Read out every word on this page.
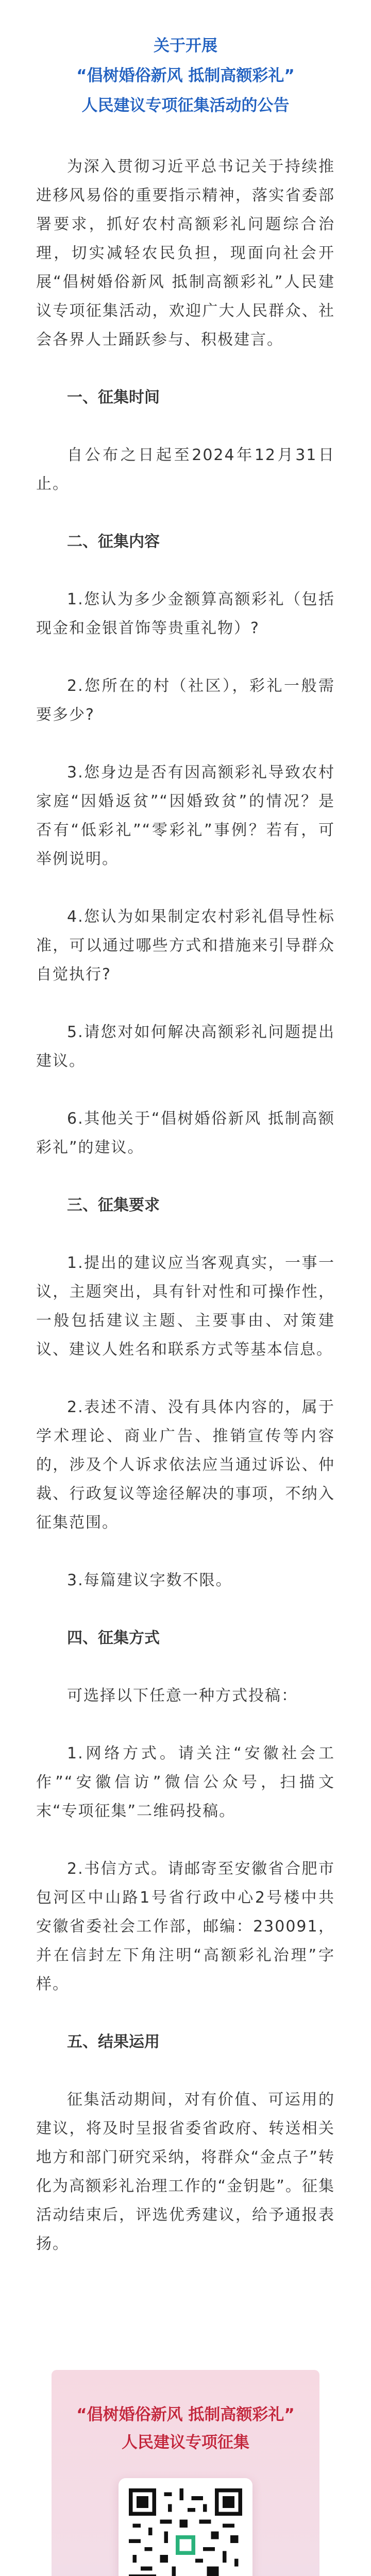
关于开展
“倡树婚俗新风 抵制高额彩礼”
人民建议专项征集活动的公告

为深入贯彻习近平总书记关于持续推进移风易俗的重要指示精神，落实省委部署要求，抓好农村高额彩礼问题综合治理，切实减轻农民负担，现面向社会开展“倡树婚俗新风 抵制高额彩礼”人民建议专项征集活动，欢迎广大人民群众、社会各界人士踊跃参与、积极建言。

一、征集时间

自公布之日起至2024年12月31日止。

二、征集内容

1.您认为多少金额算高额彩礼（包括现金和金银首饰等贵重礼物）?

2.您所在的村（社区），彩礼一般需要多少?

3.您身边是否有因高额彩礼导致农村家庭“因婚返贫”“因婚致贫”的情况？是否有“低彩礼”“零彩礼”事例？若有，可举例说明。

4.您认为如果制定农村彩礼倡导性标准，可以通过哪些方式和措施来引导群众自觉执行?

5.请您对如何解决高额彩礼问题提出建议。

6.其他关于“倡树婚俗新风 抵制高额彩礼”的建议。

三、征集要求

1.提出的建议应当客观真实，一事一议，主题突出，具有针对性和可操作性，一般包括建议主题、主要事由、对策建议、建议人姓名和联系方式等基本信息。

2.表述不清、没有具体内容的，属于学术理论、商业广告、推销宣传等内容的，涉及个人诉求依法应当通过诉讼、仲裁、行政复议等途径解决的事项，不纳入征集范围。

3.每篇建议字数不限。

四、征集方式

可选择以下任意一种方式投稿：

1.网络方式。请关注“安徽社会工作”“安徽信访”微信公众号，扫描文末“专项征集”二维码投稿。

2.书信方式。请邮寄至安徽省合肥市包河区中山路1号省行政中心2号楼中共安徽省委社会工作部，邮编：230091，并在信封左下角注明“高额彩礼治理”字样。

五、结果运用

征集活动期间，对有价值、可运用的建议，将及时呈报省委省政府、转送相关地方和部门研究采纳，将群众“金点子”转化为高额彩礼治理工作的“金钥匙”。征集活动结束后，评选优秀建议，给予通报表扬。

“倡树婚俗新风 抵制高额彩礼”
人民建议专项征集
